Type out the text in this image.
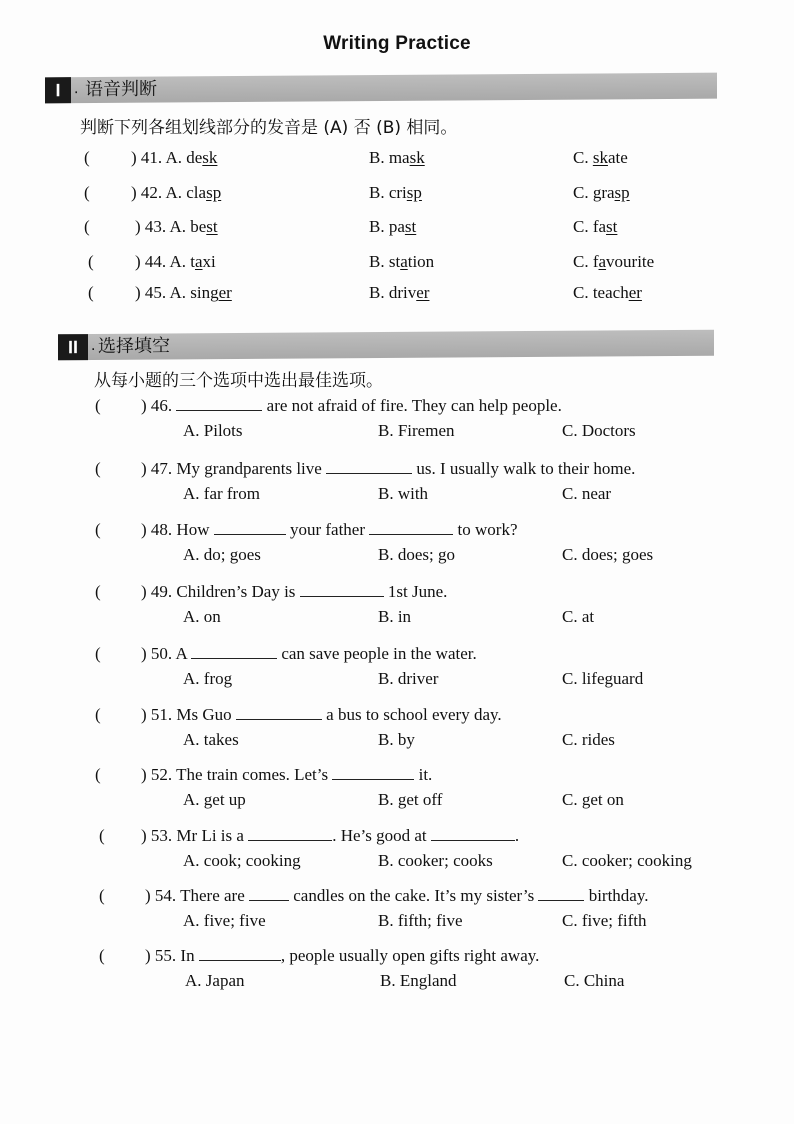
Writing Practice
I . 语音判断
判断下列各组划线部分的发音是 (A) 否 (B) 相同。
( ) 41. A. desk	B. mask	C. skate
( ) 42. A. clasp	B. crisp	C. grasp
(	) 43. A. best	B. past	C. fast
( ) 44. A. taxi	B. station	C. favourite
( ) 45. A. singer	B. driver	C. teacher
II . 选择填空
从每小题的三个选项中选出最佳选项。
( ) 46.	are not afraid of fire. They can help people.
A. Pilots	B. Firemen	C. Doctors
( ) 47. My grandparents live	us. I usually walk to their home.
A. far from	B. with	C. near
( ) 48. How	your father	to work?
A. do; goes	B. does; go	C. does; goes
( ) 49. Children’s Day is	1st June.
A. on	B. in	C. at
( ) 50. A	can save people in the water.
A. frog	B. driver	C. lifeguard
( ) 51. Ms Guo	a bus to school every day.
A. takes	B. by	C. rides
( ) 52. The train comes. Let’s	it.
A. get up	B. get off	C. get on
( ) 53. Mr Li is a	. He’s good at	.
A. cook; cooking	B. cooker; cooks	C. cooker; cooking
( ) 54. There are  candles on the cake. It’s my sister’s	birthday.
A. five; five	B. fifth; five	C. five; fifth
( ) 55. In	, people usually open gifts right away.
A. Japan	B. England	C. China
